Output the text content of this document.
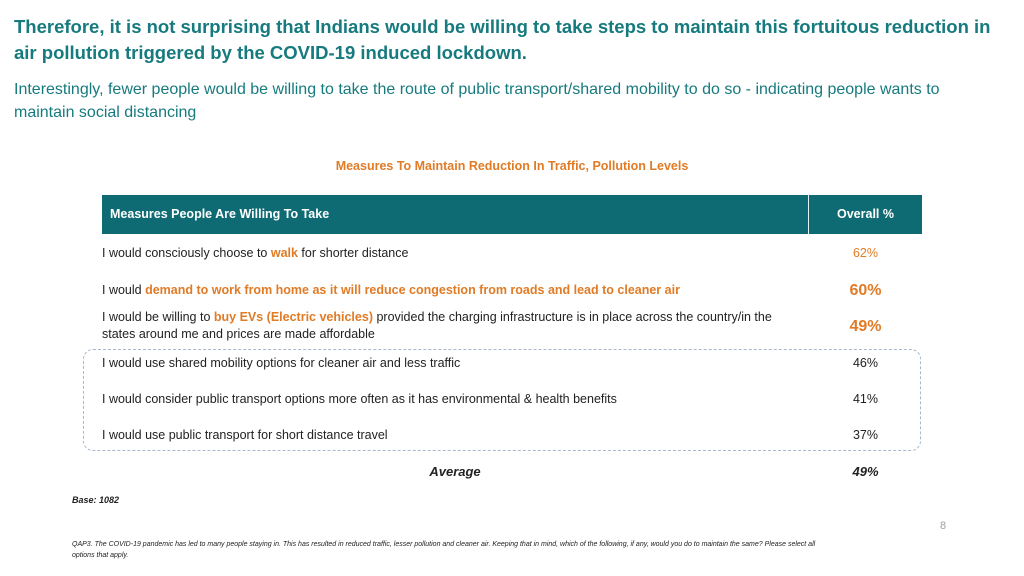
Therefore, it is not surprising that Indians would be willing to take steps to maintain this fortuitous reduction in air pollution triggered by the COVID-19 induced lockdown.
Interestingly, fewer people would be willing to take the route of public transport/shared mobility to do so - indicating people wants to maintain social distancing
Measures To Maintain Reduction In Traffic, Pollution Levels
Measures People Are Willing To Take	Overall %
I would consciously choose to walk for shorter distance	62%
I would demand to work from home as it will reduce congestion from roads and lead to cleaner air	60%
I would be willing to buy EVs (Electric vehicles) provided the charging infrastructure is in place across the country/in the states around me and prices are made affordable	49%
I would use shared mobility options for cleaner air and less traffic	46%
I would consider public transport options more often as it has environmental & health benefits	41%
I would use public transport for short distance travel	37%
Average	49%
Base: 1082
8
QAP3. The COVID-19 pandemic has led to many people staying in. This has resulted in reduced traffic, lesser pollution and cleaner air. Keeping that in mind, which of the following, if any, would you do to maintain the same? Please select all options that apply.
